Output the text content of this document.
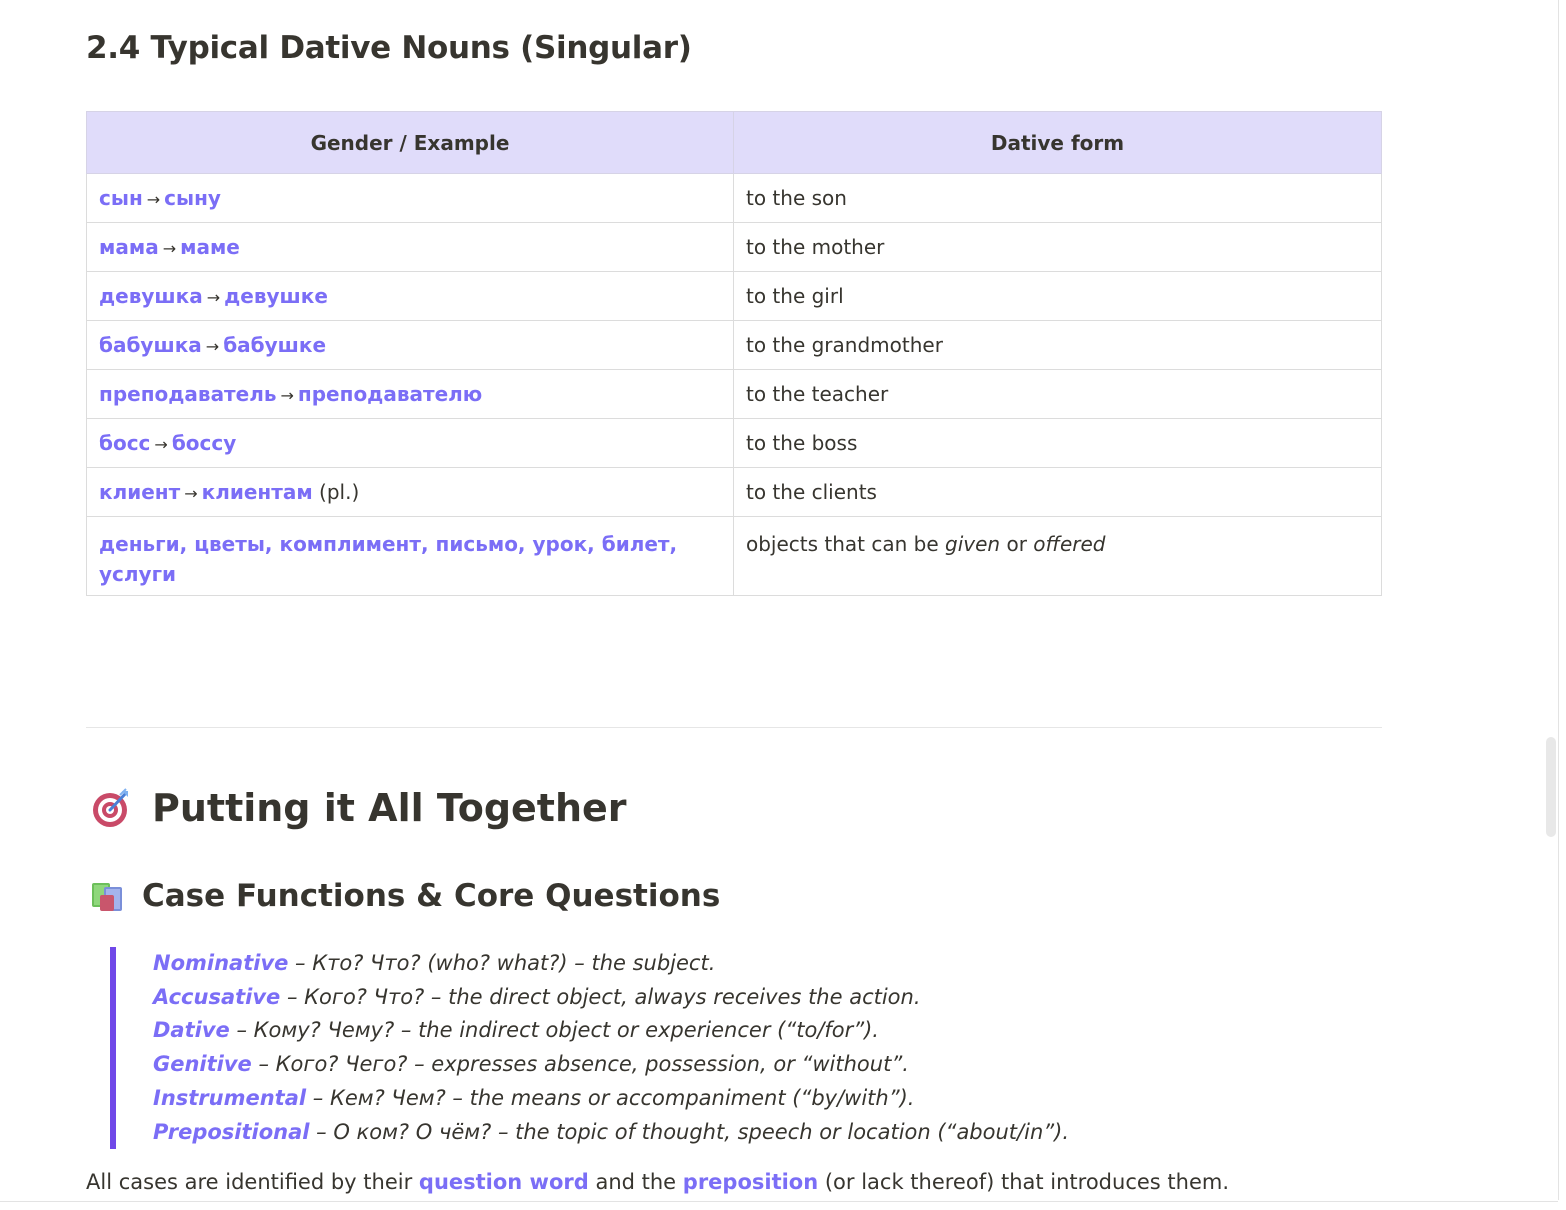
2.4 Typical Dative Nouns (Singular)
Gender / Example	Dative form
сын → сыну	to the son
мама → маме	to the mother
девушка → девушке	to the girl
бабушка → бабушке	to the grandmother
преподаватель → преподавателю	to the teacher
босс → боссу	to the boss
клиент → клиентам (pl.)	to the clients
деньги, цветы, комплимент, письмо, урок, билет, услуги	objects that can be given or offered
Putting it All Together
Case Functions & Core Questions
Nominative – Кто? Что? (who? what?) – the subject.
Accusative – Кого? Что? – the direct object, always receives the action.
Dative – Кому? Чему? – the indirect object or experiencer (“to/for”).
Genitive – Кого? Чего? – expresses absence, possession, or “without”.
Instrumental – Кем? Чем? – the means or accompaniment (“by/with”).
Prepositional – О ком? О чём? – the topic of thought, speech or location (“about/in”).

All cases are identified by their question word and the preposition (or lack thereof) that introduces them.
